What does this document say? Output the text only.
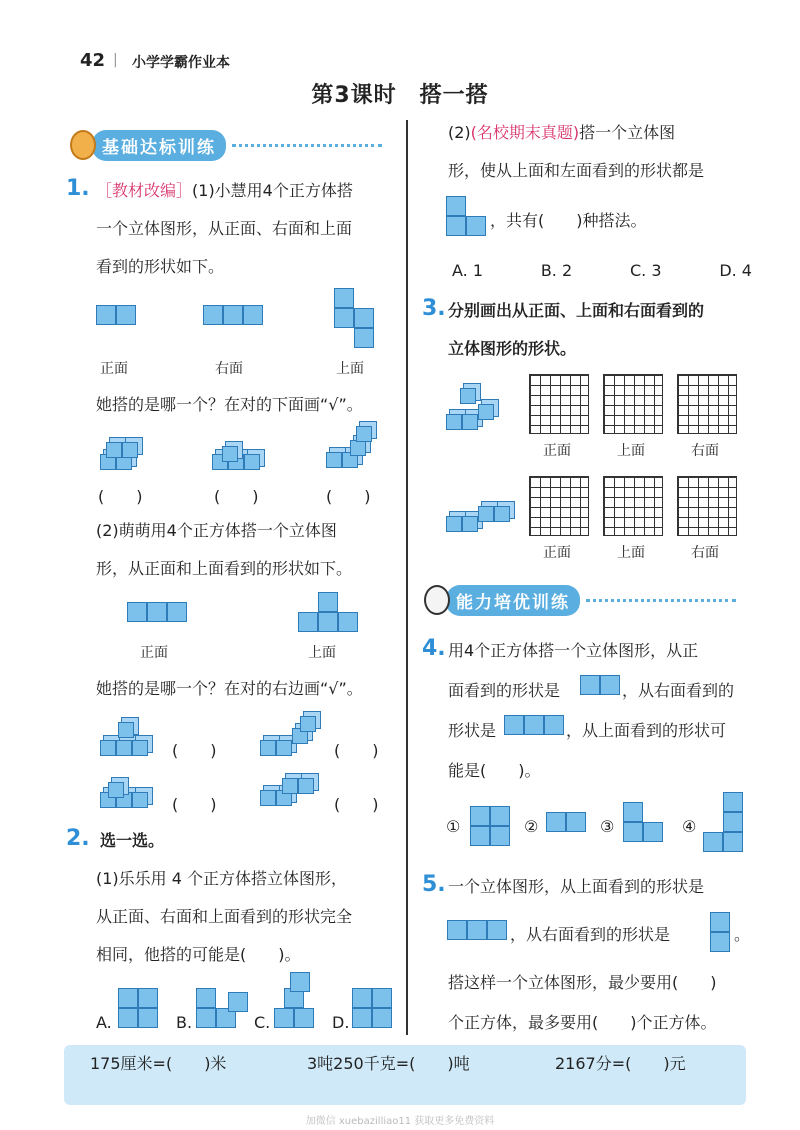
42 | 小学学霸作业本
第3课时　搭一搭
基础达标训练
1. ［教材改编］(1)小慧用4个正方体搭
一个立体图形，从正面、右面和上面
看到的形状如下。
正面	右面	上面
她搭的是哪一个？在对的下面画“√”。
(　　)	(　　)	(　　)
(2)萌萌用4个正方体搭一个立体图
形，从正面和上面看到的形状如下。
正面	上面
她搭的是哪一个？在对的右边画“√”。
(　　)	(　　)
(　　)	(　　)
2. 选一选。
(1)乐乐用 4 个正方体搭立体图形，
从正面、右面和上面看到的形状完全
相同，他搭的可能是(　　)。
A.	B.	C.	D.
(2)(名校期末真题)搭一个立体图
形，使从上面和左面看到的形状都是
，共有(　　)种搭法。
A. 1	B. 2	C. 3	D. 4
3. 分别画出从正面、上面和右面看到的
立体图形的形状。
正面	上面	右面
正面	上面	右面
能力培优训练
4. 用4个正方体搭一个立体图形，从正
面看到的形状是	，从右面看到的
形状是	，从上面看到的形状可
能是(　　)。
①	②	③	④
5. 一个立体图形，从上面看到的形状是
，从右面看到的形状是	。
搭这样一个立体图形，最少要用(　　)
个正方体，最多要用(　　)个正方体。
175厘米=(　　)米	3吨250千克=(　　)吨	2167分=(　　)元
加微信 xuebazilliao11 获取更多免费资料
